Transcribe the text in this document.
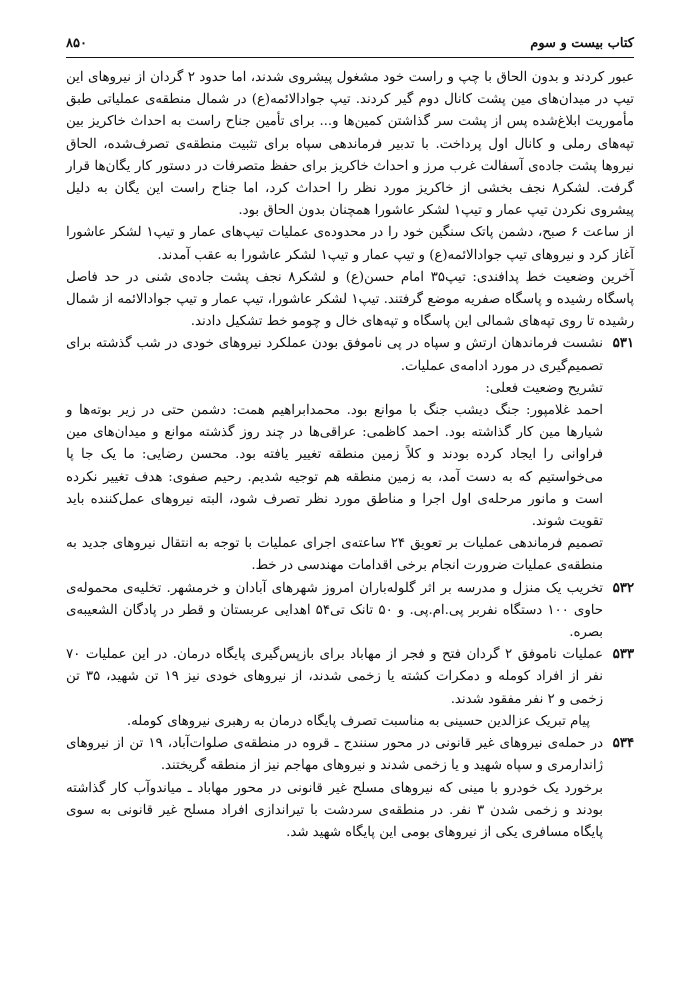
کتاب بیست و سوم
۸۵۰

عبور کردند و بدون الحاق با چپ و راست خود مشغول پیشروی شدند، اما حدود ۲ گردان از نیروهای این تیپ در میدان‌های مین پشت کانال دوم گیر کردند. تیپ جوادالائمه(ع) در شمال منطقه‌ی عملیاتی طبق مأموریت ابلاغ‌شده پس از پشت سر گذاشتن کمین‌ها و... برای تأمین جناح راست به احداث خاکریز بین تپه‌های رملی و کانال اول پرداخت. با تدبیر فرماندهی سپاه برای تثبیت منطقه‌ی تصرف‌شده، الحاق نیروها پشت جاده‌ی آسفالت غرب مرز و احداث خاکریز برای حفظ متصرفات در دستور کار یگان‌ها قرار گرفت. لشکر۸ نجف بخشی از خاکریز مورد نظر را احداث کرد، اما جناح راست این یگان به دلیل پیشروی نکردن تیپ عمار و تیپ۱ لشکر عاشورا همچنان بدون الحاق بود.

از ساعت ۶ صبح، دشمن پاتک سنگین خود را در محدوده‌ی عملیات تیپ‌های عمار و تیپ۱ لشکر عاشورا آغاز کرد و نیروهای تیپ جوادالائمه(ع) و تیپ عمار و تیپ۱ لشکر عاشورا به عقب آمدند.

آخرین وضعیت خط پدافندی: تیپ۳۵ امام حسن(ع) و لشکر۸ نجف پشت جاده‌ی شنی در حد فاصل پاسگاه رشیده و پاسگاه صفریه موضع گرفتند. تیپ۱ لشکر عاشورا، تیپ عمار و تیپ جوادالائمه از شمال رشیده تا روی تپه‌های شمالی این پاسگاه و تپه‌های خال و چومو خط تشکیل دادند.

۵۳۱

نشست فرماندهان ارتش و سپاه در پی ناموفق بودن عملکرد نیروهای خودی در شب گذشته برای تصمیم‌گیری در مورد ادامه‌ی عملیات.

تشریح وضعیت فعلی:

احمد غلامپور: جنگ دیشب جنگ با موانع بود. محمدابراهیم همت: دشمن حتی در زیر بوته‌ها و شیارها مین کار گذاشته بود. احمد کاظمی: عراقی‌ها در چند روز گذشته موانع و میدان‌های مین فراوانی را ایجاد کرده بودند و کلاً زمین منطقه تغییر یافته بود. محسن رضایی: ما یک جا پا می‌خواستیم که به دست آمد، به زمین منطقه هم توجیه شدیم. رحیم صفوی: هدف تغییر نکرده است و مانور مرحله‌ی اول اجرا و مناطق مورد نظر تصرف شود، البته نیروهای عمل‌کننده باید تقویت شوند.

تصمیم فرماندهی عملیات بر تعویق ۲۴ ساعته‌ی اجرای عملیات با توجه به انتقال نیروهای جدید به منطقه‌ی عملیات ضرورت انجام برخی اقدامات مهندسی در خط.

۵۳۲

تخریب یک منزل و مدرسه بر اثر گلوله‌باران امروز شهرهای آبادان و خرمشهر. تخلیه‌ی محموله‌ی حاوی ۱۰۰ دستگاه نفربر پی.ام.پی. و ۵۰ تانک تی۵۴ اهدایی عربستان و قطر در پادگان الشعیبه‌ی بصره.

۵۳۳

عملیات ناموفق ۲ گردان فتح و فجر از مهاباد برای بازپس‌گیری پایگاه درمان. در این عملیات ۷۰ نفر از افراد کومله و دمکرات کشته یا زخمی شدند، از نیروهای خودی نیز ۱۹ تن شهید، ۳۵ تن زخمی و ۲ نفر مفقود شدند.

پیام تبریک عزالدین حسینی به مناسبت تصرف پایگاه درمان به رهبری نیروهای کومله.

۵۳۴

در حمله‌ی نیروهای غیر قانونی در محور سنندج ـ قروه در منطقه‌ی صلوات‌آباد، ۱۹ تن از نیروهای ژاندارمری و سپاه شهید و یا زخمی شدند و نیروهای مهاجم نیز از منطقه گریختند.

برخورد یک خودرو با مینی که نیروهای مسلح غیر قانونی در محور مهاباد ـ میاندوآب کار گذاشته بودند و زخمی شدن ۳ نفر. در منطقه‌ی سردشت با تیراندازی افراد مسلح غیر قانونی به سوی پایگاه مسافری یکی از نیروهای بومی این پایگاه شهید شد.
